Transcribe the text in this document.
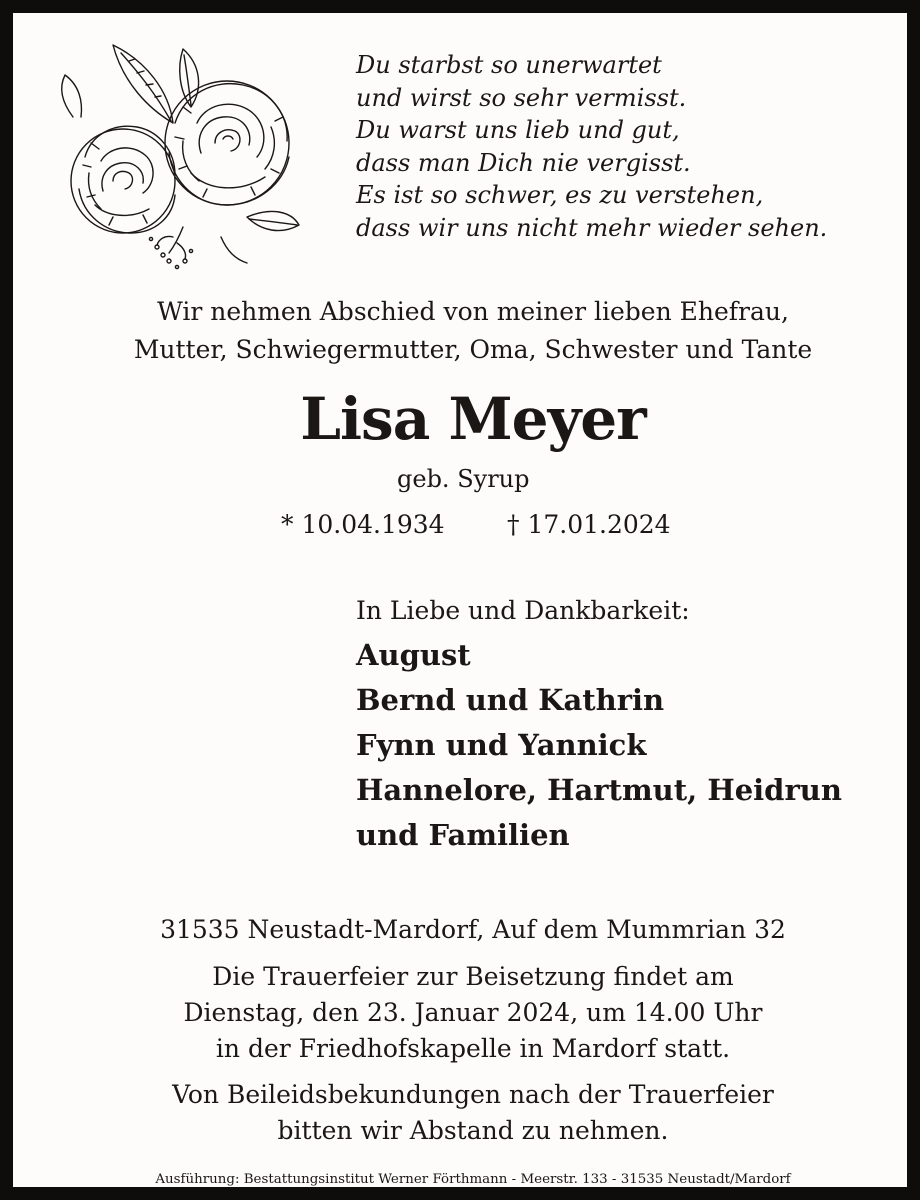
Du starbst so unerwartet
und wirst so sehr vermisst.
Du warst uns lieb und gut,
dass man Dich nie vergisst.
Es ist so schwer, es zu verstehen,
dass wir uns nicht mehr wieder sehen.
Wir nehmen Abschied von meiner lieben Ehefrau,
Mutter, Schwiegermutter, Oma, Schwester und Tante
Lisa Meyer
geb. Syrup
* 10.04.1934 † 17.01.2024
In Liebe und Dankbarkeit:
August
Bernd und Kathrin
Fynn und Yannick
Hannelore, Hartmut, Heidrun
und Familien
31535 Neustadt-Mardorf, Auf dem Mummrian 32
Die Trauerfeier zur Beisetzung findet am
Dienstag, den 23. Januar 2024, um 14.00 Uhr
in der Friedhofskapelle in Mardorf statt.
Von Beileidsbekundungen nach der Trauerfeier
bitten wir Abstand zu nehmen.
Ausführung: Bestattungsinstitut Werner Förthmann - Meerstr. 133 - 31535 Neustadt/Mardorf
